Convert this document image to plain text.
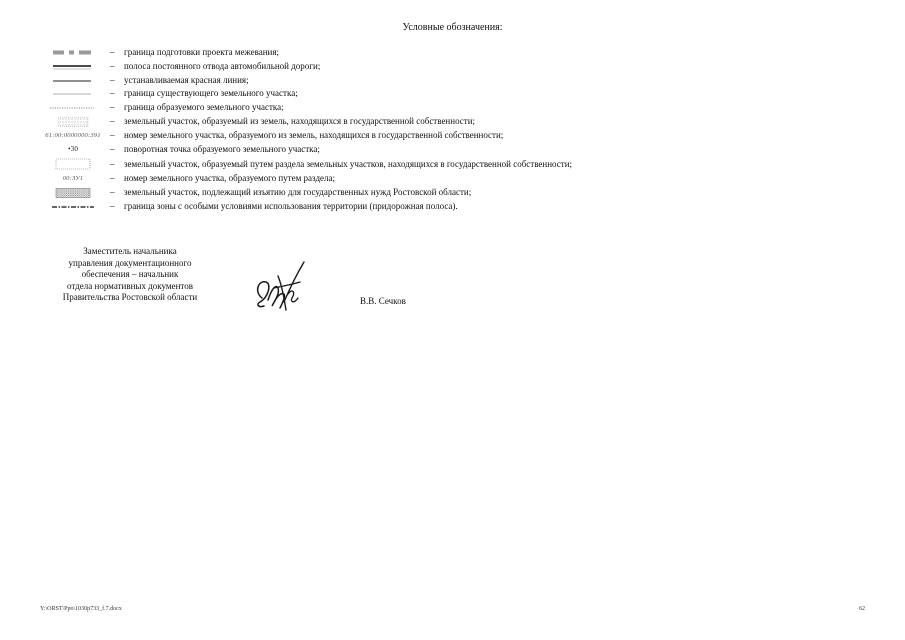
Условные обозначения:
– граница подготовки проекта межевания;
– полоса постоянного отвода автомобильной дороги;
– устанавливаемая красная линия;
– граница существующего земельного участка;
– граница образуемого земельного участка;
– земельный участок, образуемый из земель, находящихся в государственной собственности;
61:00:0000000:391 – номер земельного участка, образуемого из земель, находящихся в государственной собственности;
•30	– поворотная точка образуемого земельного участка;
– земельный участок, образуемый путем раздела земельных участков, находящихся в государственной собственности;
00:ЗУ1	– номер земельного участка, образуемого путем раздела;
– земельный участок, подлежащий изъятию для государственных нужд Ростовской области;
– граница зоны с особыми условиями использования территории (придорожная полоса).
Заместитель начальника
управления документационного
обеспечения – начальник
отдела нормативных документов
Правительства Ростовской области	В.В. Сечков
Y:\ORST\Ppo\1030p733_f.7.docx	62
